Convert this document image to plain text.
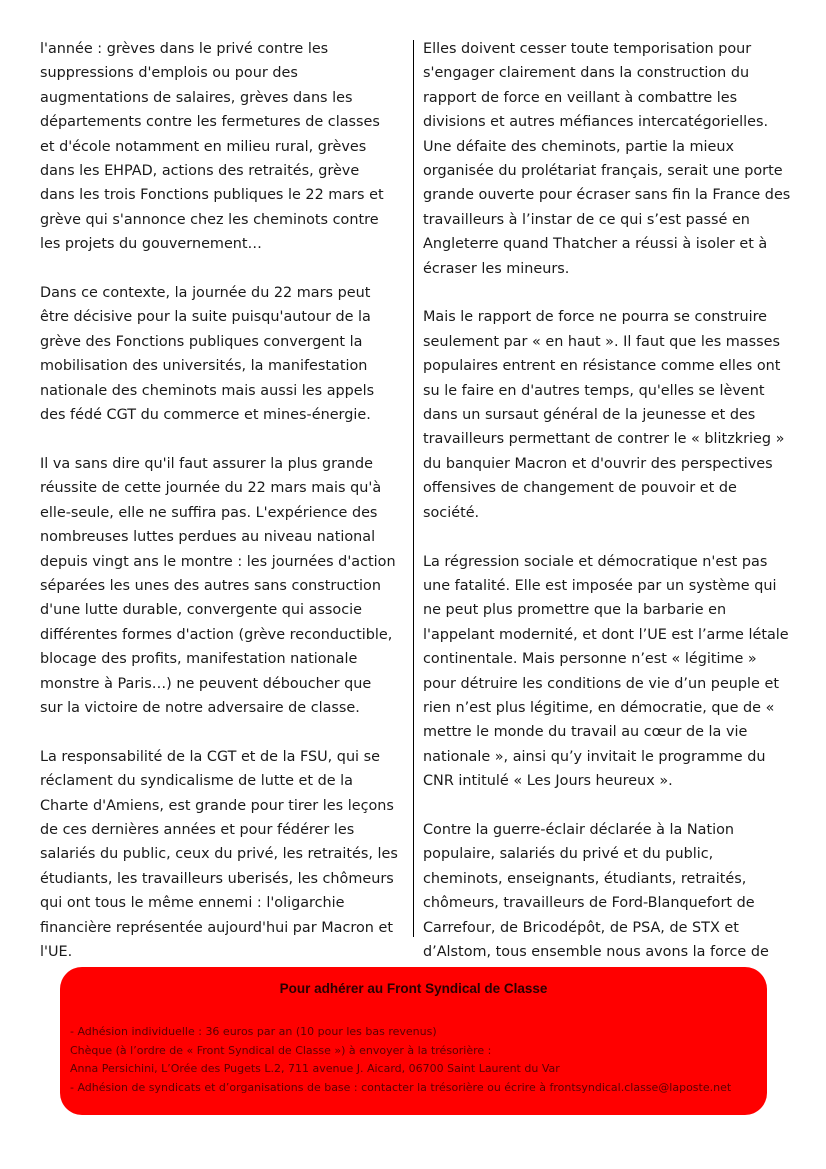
l'année : grèves dans le privé contre les suppressions d'emplois ou pour des augmentations de salaires, grèves dans les départements contre les fermetures de classes et d'école notamment en milieu rural, grèves dans les EHPAD, actions des retraités, grève dans les trois Fonctions publiques le 22 mars et grève qui s'annonce chez les cheminots contre les projets du gouvernement…

Dans ce contexte, la journée du 22 mars peut être décisive pour la suite puisqu'autour de la grève des Fonctions publiques convergent la mobilisation des universités, la manifestation nationale des cheminots mais aussi les appels des fédé CGT du commerce et mines-énergie.

Il va sans dire qu'il faut assurer la plus grande réussite de cette journée du 22 mars mais qu'à elle-seule, elle ne suffira pas. L'expérience des nombreuses luttes perdues au niveau national depuis vingt ans le montre : les journées d'action séparées les unes des autres sans construction d'une lutte durable, convergente qui associe différentes formes d'action (grève reconductible, blocage des profits, manifestation nationale monstre à Paris…) ne peuvent déboucher que sur la victoire de notre adversaire de classe.

La responsabilité de la CGT et de la FSU, qui se réclament du syndicalisme de lutte et de la Charte d'Amiens, est grande pour tirer les leçons de ces dernières années et pour fédérer les salariés du public, ceux du privé, les retraités, les étudiants, les travailleurs uberisés, les chômeurs qui ont tous le même ennemi : l'oligarchie financière représentée aujourd'hui par Macron et l'UE.

Elles doivent cesser toute temporisation pour s'engager clairement dans la construction du rapport de force en veillant à combattre les divisions et autres méfiances intercatégorielles. Une défaite des cheminots, partie la mieux organisée du prolétariat français, serait une porte grande ouverte pour écraser sans fin la France des travailleurs à l’instar de ce qui s’est passé en Angleterre quand Thatcher a réussi à isoler et à écraser les mineurs.

Mais le rapport de force ne pourra se construire seulement par « en haut ». Il faut que les masses populaires entrent en résistance comme elles ont su le faire en d'autres temps, qu'elles se lèvent dans un sursaut général de la jeunesse et des travailleurs permettant de contrer le « blitzkrieg » du banquier Macron et d'ouvrir des perspectives offensives de changement de pouvoir et de société.

La régression sociale et démocratique n'est pas une fatalité. Elle est imposée par un système qui ne peut plus promettre que la barbarie en l'appelant modernité, et dont l’UE est l’arme létale continentale. Mais personne n’est « légitime » pour détruire les conditions de vie d’un peuple et rien n’est plus légitime, en démocratie, que de « mettre le monde du travail au cœur de la vie nationale », ainsi qu’y invitait le programme du CNR intitulé « Les Jours heureux ».

Contre la guerre-éclair déclarée à la Nation populaire, salariés du privé et du public, cheminots, enseignants, étudiants, retraités, chômeurs, travailleurs de Ford-Blanquefort de Carrefour, de Bricodépôt, de PSA, de STX et d’Alstom, tous ensemble nous avons la force de

Pour adhérer au Front Syndical de Classe
- Adhésion individuelle : 36 euros par an (10 pour les bas revenus)
Chèque (à l’ordre de « Front Syndical de Classe ») à envoyer à la trésorière :
Anna Persichini, L’Orée des Pugets L.2, 711 avenue J. Aicard, 06700 Saint Laurent du Var
- Adhésion de syndicats et d’organisations de base : contacter la trésorière ou écrire à frontsyndical.classe@laposte.net
